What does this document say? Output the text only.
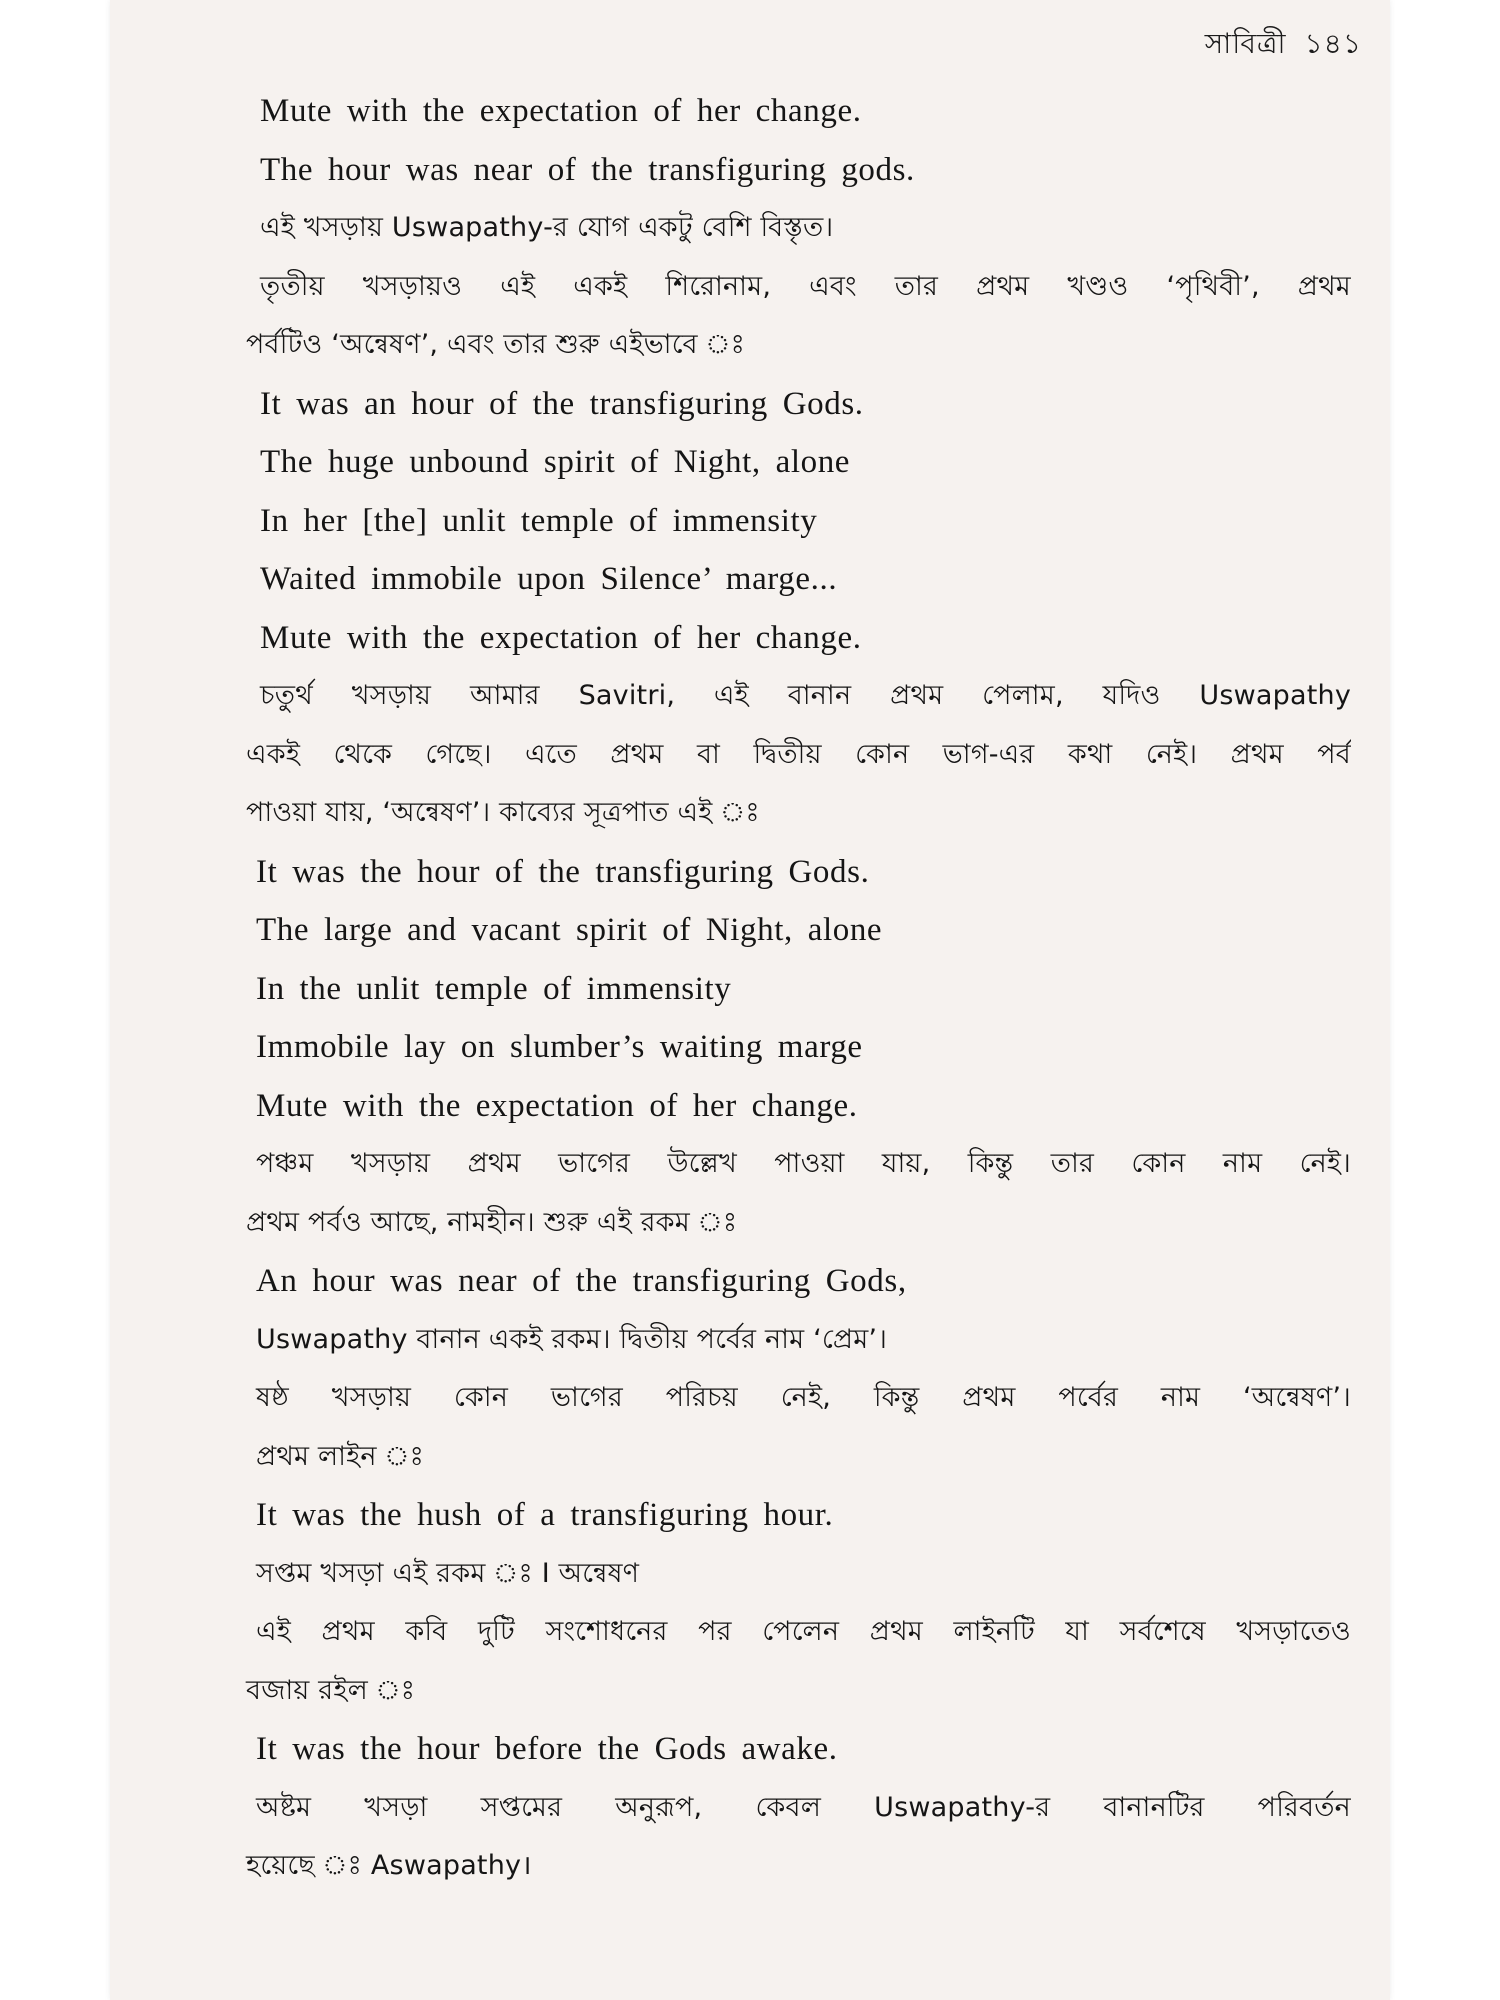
সাবিত্রী ১৪১
Mute with the expectation of her change.
The hour was near of the transfiguring gods.
এই খসড়ায় Uswapathy-র যোগ একটু বেশি বিস্তৃত।
তৃতীয় খসড়ায়ও এই একই শিরোনাম, এবং তার প্রথম খণ্ডও ‘পৃথিবী’, প্রথম
পর্বটিও ‘অন্বেষণ’, এবং তার শুরু এইভাবে ঃ
It was an hour of the transfiguring Gods.
The huge unbound spirit of Night, alone
In her [the] unlit temple of immensity
Waited immobile upon Silence’ marge...
Mute with the expectation of her change.
চতুর্থ খসড়ায় আমার Savitri, এই বানান প্রথম পেলাম, যদিও Uswapathy
একই থেকে গেছে। এতে প্রথম বা দ্বিতীয় কোন ভাগ-এর কথা নেই। প্রথম পর্ব
পাওয়া যায়, ‘অন্বেষণ’। কাব্যের সূত্রপাত এই ঃ
It was the hour of the transfiguring Gods.
The large and vacant spirit of Night, alone
In the unlit temple of immensity
Immobile lay on slumber’s waiting marge
Mute with the expectation of her change.
পঞ্চম খসড়ায় প্রথম ভাগের উল্লেখ পাওয়া যায়, কিন্তু তার কোন নাম নেই।
প্রথম পর্বও আছে, নামহীন। শুরু এই রকম ঃ
An hour was near of the transfiguring Gods,
Uswapathy বানান একই রকম। দ্বিতীয় পর্বের নাম ‘প্রেম’।
ষষ্ঠ খসড়ায় কোন ভাগের পরিচয় নেই, কিন্তু প্রথম পর্বের নাম ‘অন্বেষণ’।
প্রথম লাইন ঃ
It was the hush of a transfiguring hour.
সপ্তম খসড়া এই রকম ঃ I অন্বেষণ
এই প্রথম কবি দুটি সংশোধনের পর পেলেন প্রথম লাইনটি যা সর্বশেষে খসড়াতেও
বজায় রইল ঃ
It was the hour before the Gods awake.
অষ্টম খসড়া সপ্তমের অনুরূপ, কেবল Uswapathy-র বানানটির পরিবর্তন
হয়েছে ঃ Aswapathy।
